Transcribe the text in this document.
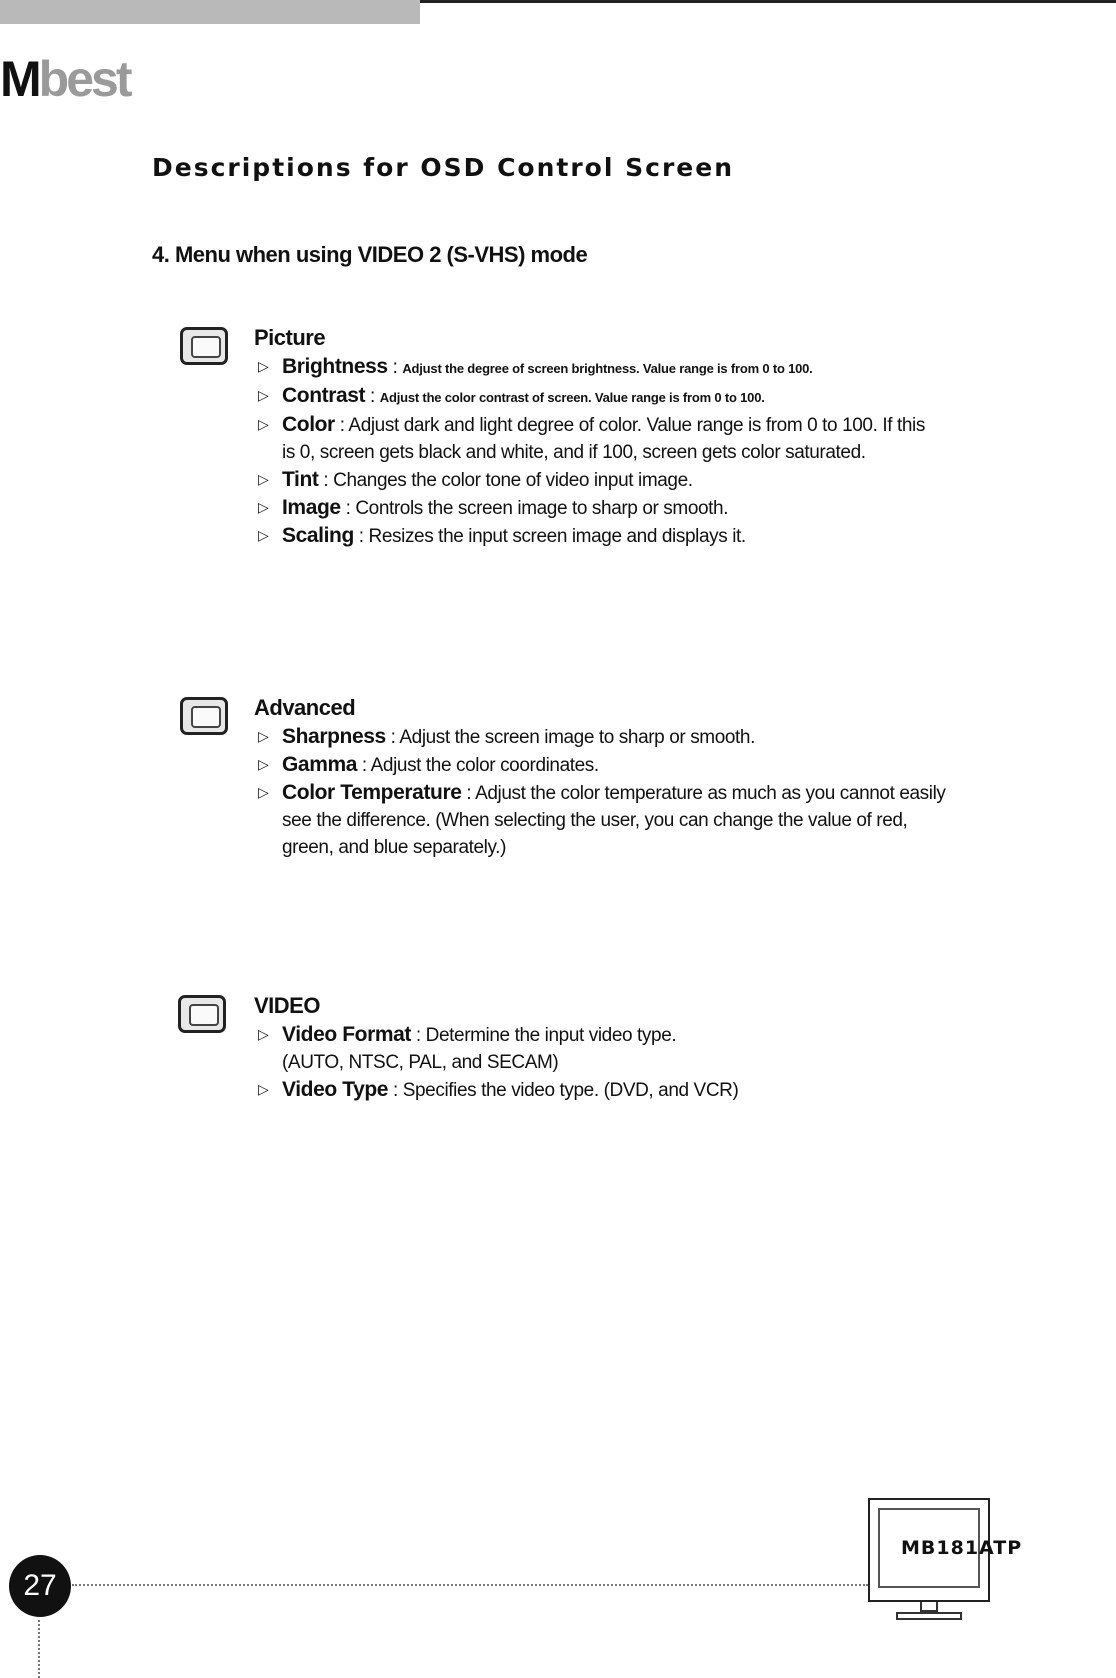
Mbest
Descriptions for OSD Control Screen
4. Menu when using VIDEO 2 (S-VHS) mode
Picture
▷ Brightness : Adjust the degree of screen brightness. Value range is from 0 to 100.
▷ Contrast : Adjust the color contrast of screen. Value range is from 0 to 100.
▷ Color : Adjust dark and light degree of color. Value range is from 0 to 100. If this is 0, screen gets black and white, and if 100, screen gets color saturated.
▷ Tint : Changes the color tone of video input image.
▷ Image : Controls the screen image to sharp or smooth.
▷ Scaling : Resizes the input screen image and displays it.
Advanced
▷ Sharpness : Adjust the screen image to sharp or smooth.
▷ Gamma : Adjust the color coordinates.
▷ Color Temperature : Adjust the color temperature as much as you cannot easily see the difference. (When selecting the user, you can change the value of red, green, and blue separately.)
VIDEO
▷ Video Format : Determine the input video type. (AUTO, NTSC, PAL, and SECAM)
▷ Video Type : Specifies the video type. (DVD, and VCR)
27
MB181ATP
